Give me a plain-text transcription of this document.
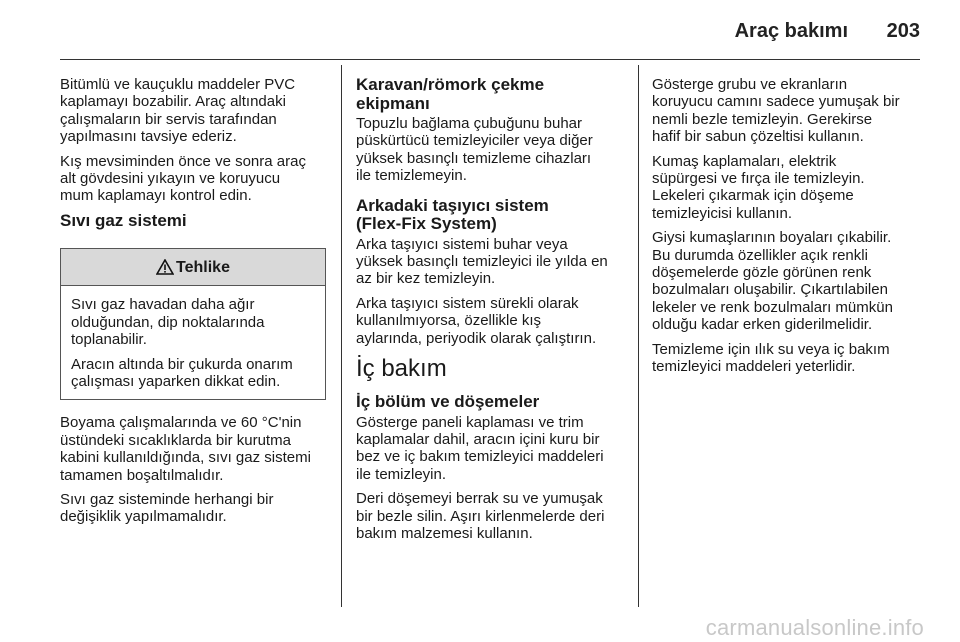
Araç bakımı 203

Bitümlü ve kauçuklu maddeler PVC
kaplamayı bozabilir. Araç altındaki
çalışmaların bir servis tarafından
yapılmasını tavsiye ederiz.

Kış mevsiminden önce ve sonra araç
alt gövdesini yıkayın ve koruyucu
mum kaplamayı kontrol edin.

Sıvı gaz sistemi
Tehlike

Sıvı gaz havadan daha ağır
olduğundan, dip noktalarında
toplanabilir.

Aracın altında bir çukurda onarım
çalışması yaparken dikkat edin.

Boyama çalışmalarında ve 60 °C'nin
üstündeki sıcaklıklarda bir kurutma
kabini kullanıldığında, sıvı gaz sistemi
tamamen boşaltılmalıdır.

Sıvı gaz sisteminde herhangi bir
değişiklik yapılmamalıdır.

Karavan/römork çekme
ekipmanı

Topuzlu bağlama çubuğunu buhar
püskürtücü temizleyiciler veya diğer
yüksek basınçlı temizleme cihazları
ile temizlemeyin.

Arkadaki taşıyıcı sistem
(Flex-Fix System)

Arka taşıyıcı sistemi buhar veya
yüksek basınçlı temizleyici ile yılda en
az bir kez temizleyin.

Arka taşıyıcı sistem sürekli olarak
kullanılmıyorsa, özellikle kış
aylarında, periyodik olarak çalıştırın.

İç bakım
İç bölüm ve döşemeler

Gösterge paneli kaplaması ve trim
kaplamalar dahil, aracın içini kuru bir
bez ve iç bakım temizleyici maddeleri
ile temizleyin.

Deri döşemeyi berrak su ve yumuşak
bir bezle silin. Aşırı kirlenmelerde deri
bakım malzemesi kullanın.

Gösterge grubu ve ekranların
koruyucu camını sadece yumuşak bir
nemli bezle temizleyin. Gerekirse
hafif bir sabun çözeltisi kullanın.

Kumaş kaplamaları, elektrik
süpürgesi ve fırça ile temizleyin.
Lekeleri çıkarmak için döşeme
temizleyicisi kullanın.

Giysi kumaşlarının boyaları çıkabilir.
Bu durumda özellikler açık renkli
döşemelerde gözle görünen renk
bozulmaları oluşabilir. Çıkartılabilen
lekeler ve renk bozulmaları mümkün
olduğu kadar erken giderilmelidir.

Temizleme için ılık su veya iç bakım
temizleyici maddeleri yeterlidir.

carmanualsonline.info
